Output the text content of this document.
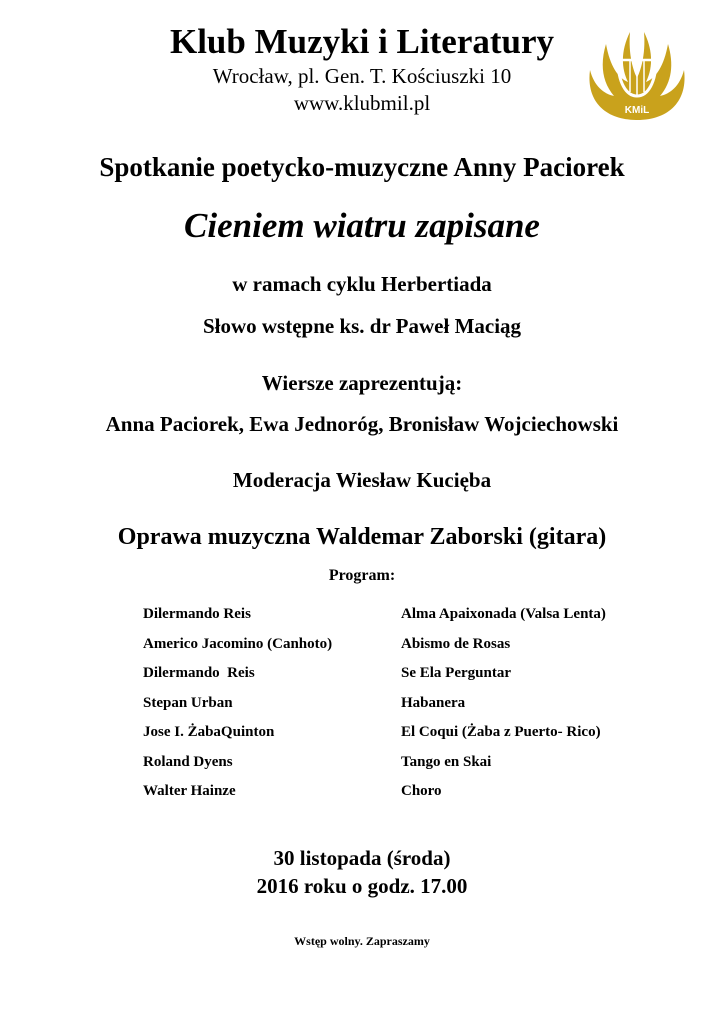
Klub Muzyki i Literatury
Wrocław, pl. Gen. T. Kościuszki 10
www.klubmil.pl	KMiL
Spotkanie poetycko-muzyczne Anny Paciorek
Cieniem wiatru zapisane
w ramach cyklu Herbertiada
Słowo wstępne ks. dr Paweł Maciąg
Wiersze zaprezentują:
Anna Paciorek, Ewa Jednoróg, Bronisław Wojciechowski
Moderacja Wiesław Kucięba
Oprawa muzyczna Waldemar Zaborski (gitara)
Program:
Dilermando Reis	Alma Apaixonada (Valsa Lenta)
Americo Jacomino (Canhoto)	Abismo de Rosas
Dilermando  Reis	Se Ela Perguntar
Stepan Urban	Habanera
Jose I. ŻabaQuinton	El Coqui (Żaba z Puerto- Rico)
Roland Dyens	Tango en Skai
Walter Hainze	Choro
30 listopada (środa)
2016 roku o godz. 17.00
Wstęp wolny. Zapraszamy
